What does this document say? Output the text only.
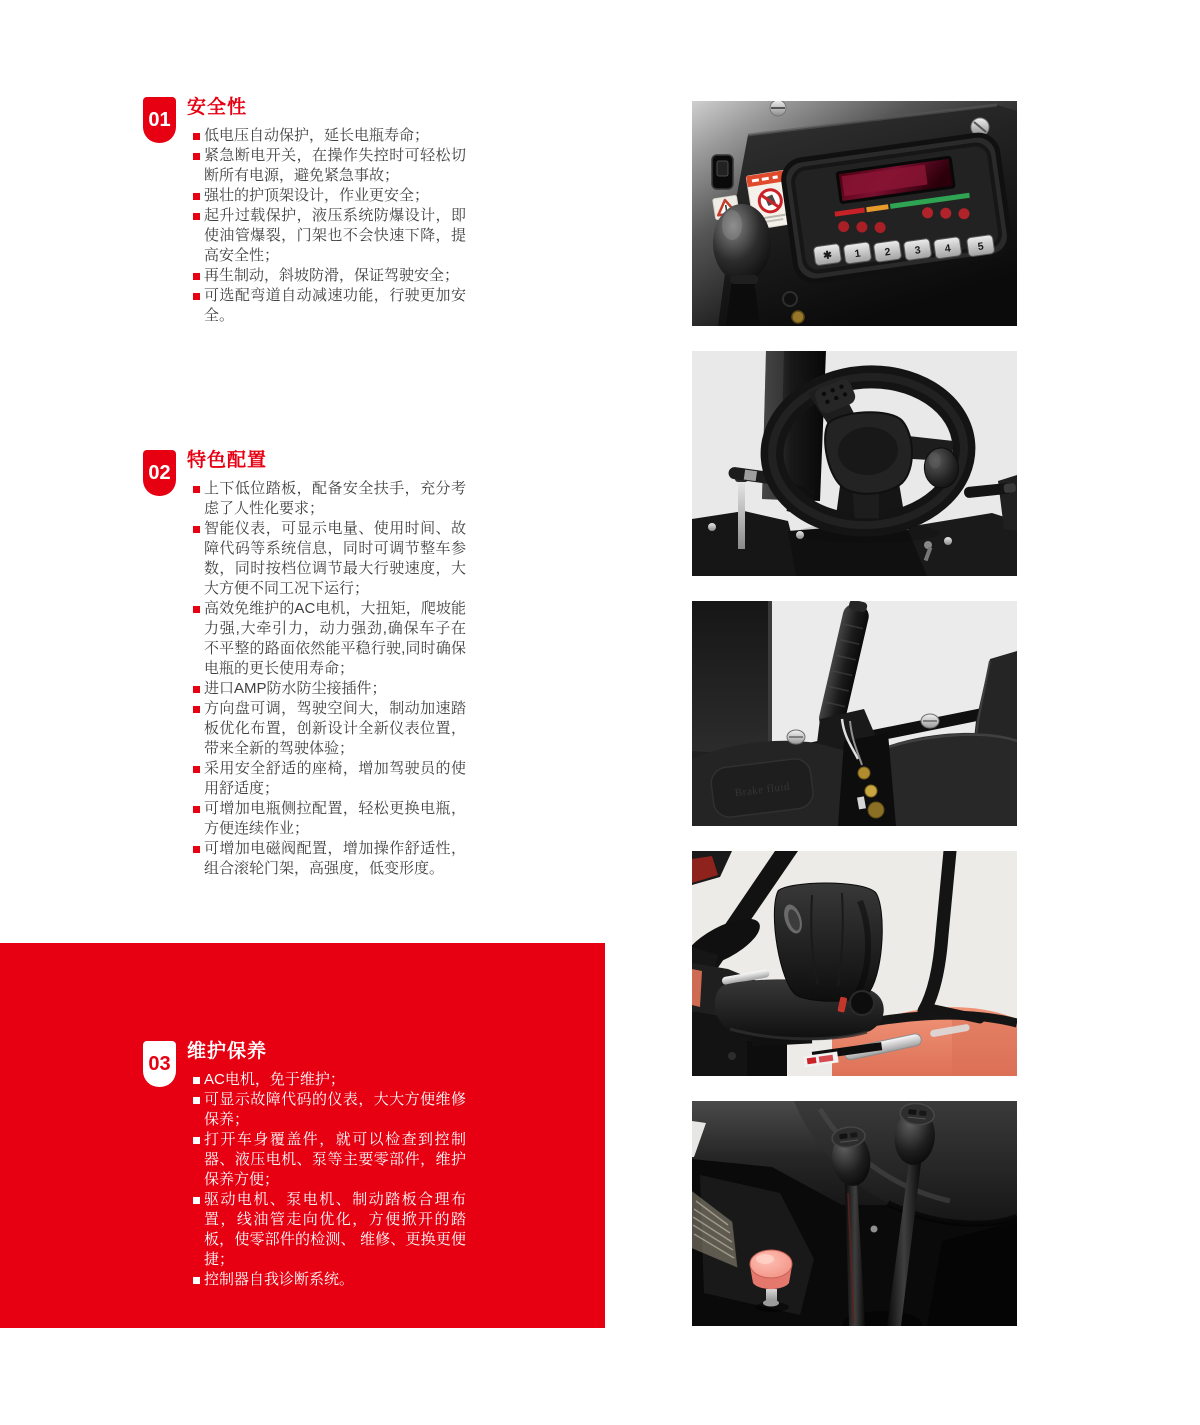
01
安全性
低电压自动保护，延长电瓶寿命；
紧急断电开关，在操作失控时可轻松切断所有电源，避免紧急事故；
强壮的护顶架设计，作业更安全；
起升过载保护，液压系统防爆设计，即使油管爆裂，门架也不会快速下降，提高安全性；
再生制动，斜坡防滑，保证驾驶安全；
可选配弯道自动减速功能，行驶更加安全。
02
特色配置
上下低位踏板，配备安全扶手，充分考虑了人性化要求；
智能仪表，可显示电量、使用时间、故障代码等系统信息，同时可调节整车参数，同时按档位调节最大行驶速度，大大方便不同工况下运行；
高效免维护的AC电机，大扭矩，爬坡能力强,大牵引力，动力强劲,确保车子在不平整的路面依然能平稳行驶,同时确保电瓶的更长使用寿命；
进口AMP防水防尘接插件；
方向盘可调，驾驶空间大，制动加速踏板优化布置，创新设计全新仪表位置，带来全新的驾驶体验；
采用安全舒适的座椅，增加驾驶员的使用舒适度；
可增加电瓶侧拉配置，轻松更换电瓶，方便连续作业；
可增加电磁阀配置，增加操作舒适性，组合滚轮门架，高强度，低变形度。
03
维护保养
AC电机，免于维护；
可显示故障代码的仪表，大大方便维修保养；
打开车身覆盖件，就可以检查到控制器、液压电机、泵等主要零部件，维护保养方便；
驱动电机、泵电机、制动踏板合理布置，线油管走向优化，方便掀开的踏板，使零部件的检测、 维修、更换更便捷；
控制器自我诊断系统。
✱ 1 2 3 4 5
Brake fluid
